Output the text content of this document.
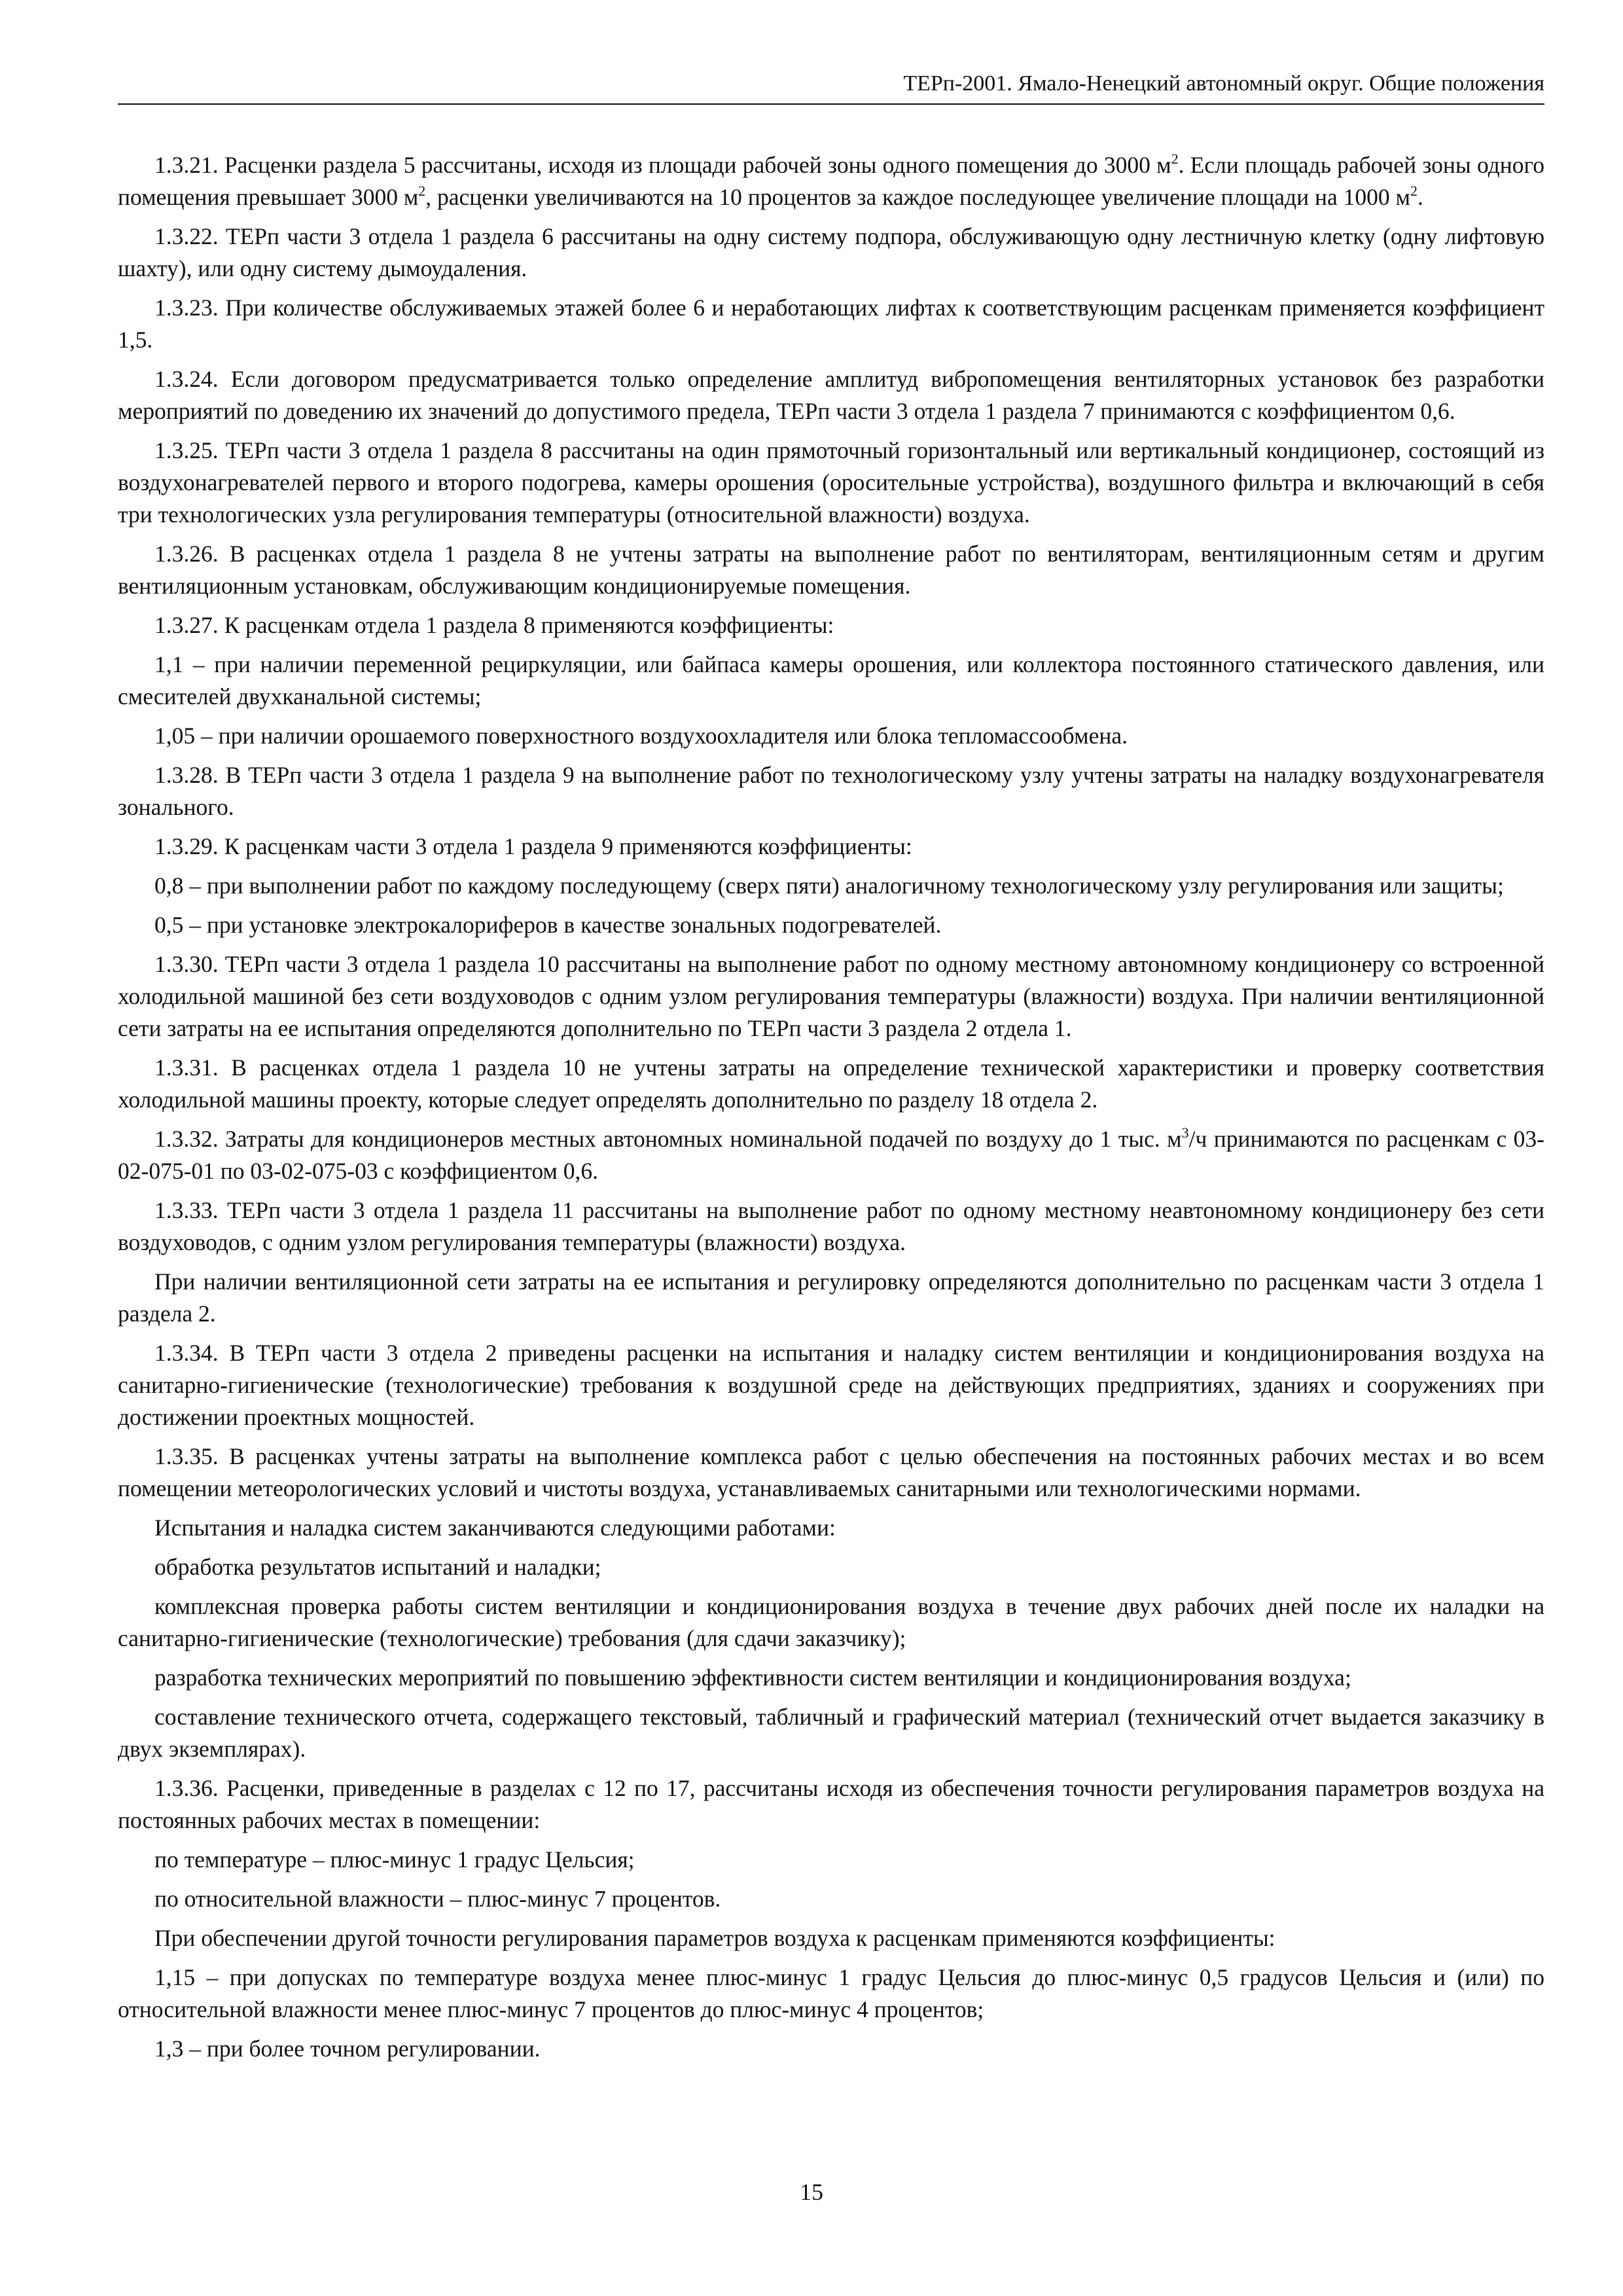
ТЕРп-2001. Ямало-Ненецкий автономный округ. Общие положения

1.3.21. Расценки раздела 5 рассчитаны, исходя из площади рабочей зоны одного помещения до 3000 $м^2$. Если площадь рабочей зоны одного помещения превышает 3000 $м^2$, расценки увеличиваются на 10 процентов за каждое последующее увеличение площади на 1000 $м^2$.

1.3.22. ТЕРп части 3 отдела 1 раздела 6 рассчитаны на одну систему подпора, обслуживающую одну лестничную клетку (одну лифтовую шахту), или одну систему дымоудаления.

1.3.23. При количестве обслуживаемых этажей более 6 и неработающих лифтах к соответствующим расценкам применяется коэффициент 1,5.

1.3.24. Если договором предусматривается только определение амплитуд вибропомещения вентиляторных установок без разработки мероприятий по доведению их значений до допустимого предела, ТЕРп части 3 отдела 1 раздела 7 принимаются с коэффициентом 0,6.

1.3.25. ТЕРп части 3 отдела 1 раздела 8 рассчитаны на один прямоточный горизонтальный или вертикальный кондиционер, состоящий из воздухонагревателей первого и второго подогрева, камеры орошения (оросительные устройства), воздушного фильтра и включающий в себя три технологических узла регулирования температуры (относительной влажности) воздуха.

1.3.26. В расценках отдела 1 раздела 8 не учтены затраты на выполнение работ по вентиляторам, вентиляционным сетям и другим вентиляционным установкам, обслуживающим кондиционируемые помещения.

1.3.27. К расценкам отдела 1 раздела 8 применяются коэффициенты:

1,1 – при наличии переменной рециркуляции, или байпаса камеры орошения, или коллектора постоянного статического давления, или смесителей двухканальной системы;

1,05 – при наличии орошаемого поверхностного воздухоохладителя или блока тепломассообмена.

1.3.28. В ТЕРп части 3 отдела 1 раздела 9 на выполнение работ по технологическому узлу учтены затраты на наладку воздухонагревателя зонального.

1.3.29. К расценкам части 3 отдела 1 раздела 9 применяются коэффициенты:

0,8 – при выполнении работ по каждому последующему (сверх пяти) аналогичному технологическому узлу регулирования или защиты;

0,5 – при установке электрокалориферов в качестве зональных подогревателей.

1.3.30. ТЕРп части 3 отдела 1 раздела 10 рассчитаны на выполнение работ по одному местному автономному кондиционеру со встроенной холодильной машиной без сети воздуховодов с одним узлом регулирования температуры (влажности) воздуха. При наличии вентиляционной сети затраты на ее испытания определяются дополнительно по ТЕРп части 3 раздела 2 отдела 1.

1.3.31. В расценках отдела 1 раздела 10 не учтены затраты на определение технической характеристики и проверку соответствия холодильной машины проекту, которые следует определять дополнительно по разделу 18 отдела 2.

1.3.32. Затраты для кондиционеров местных автономных номинальной подачей по воздуху до 1 тыс. $м^3/ч$ принимаются по расценкам с 03-02-075-01 по 03-02-075-03 с коэффициентом 0,6.

1.3.33. ТЕРп части 3 отдела 1 раздела 11 рассчитаны на выполнение работ по одному местному неавтономному кондиционеру без сети воздуховодов, с одним узлом регулирования температуры (влажности) воздуха.

При наличии вентиляционной сети затраты на ее испытания и регулировку определяются дополнительно по расценкам части 3 отдела 1 раздела 2.

1.3.34. В ТЕРп части 3 отдела 2 приведены расценки на испытания и наладку систем вентиляции и кондиционирования воздуха на санитарно-гигиенические (технологические) требования к воздушной среде на действующих предприятиях, зданиях и сооружениях при достижении проектных мощностей.

1.3.35. В расценках учтены затраты на выполнение комплекса работ с целью обеспечения на постоянных рабочих местах и во всем помещении метеорологических условий и чистоты воздуха, устанавливаемых санитарными или технологическими нормами.

Испытания и наладка систем заканчиваются следующими работами:

обработка результатов испытаний и наладки;

комплексная проверка работы систем вентиляции и кондиционирования воздуха в течение двух рабочих дней после их наладки на санитарно-гигиенические (технологические) требования (для сдачи заказчику);

разработка технических мероприятий по повышению эффективности систем вентиляции и кондиционирования воздуха;

составление технического отчета, содержащего текстовый, табличный и графический материал (технический отчет выдается заказчику в двух экземплярах).

1.3.36. Расценки, приведенные в разделах с 12 по 17, рассчитаны исходя из обеспечения точности регулирования параметров воздуха на постоянных рабочих местах в помещении:

по температуре – плюс-минус 1 градус Цельсия;

по относительной влажности – плюс-минус 7 процентов.

При обеспечении другой точности регулирования параметров воздуха к расценкам применяются коэффициенты:

1,15 – при допусках по температуре воздуха менее плюс-минус 1 градус Цельсия до плюс-минус 0,5 градусов Цельсия и (или) по относительной влажности менее плюс-минус 7 процентов до плюс-минус 4 процентов;

1,3 – при более точном регулировании.

15
